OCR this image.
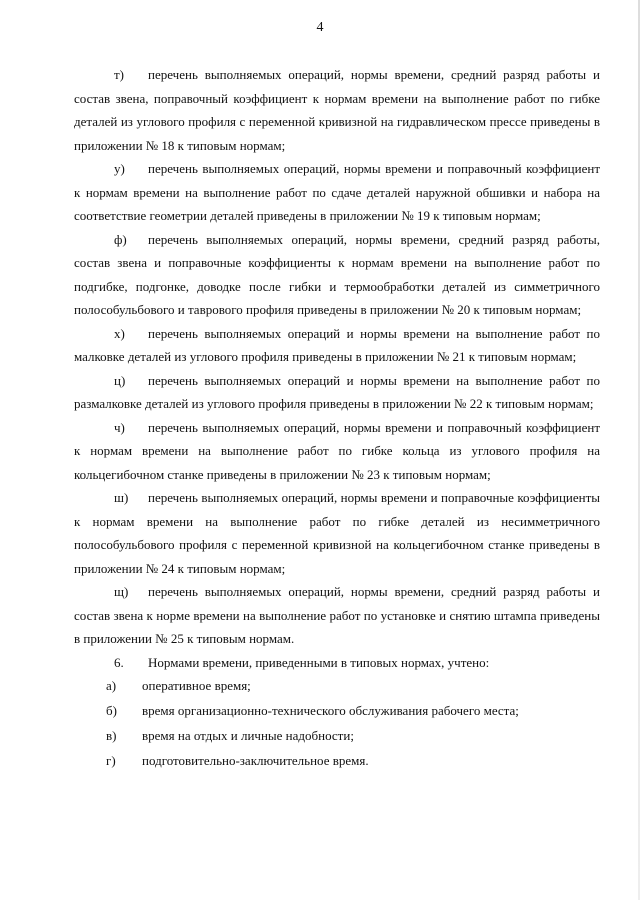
4

т) перечень выполняемых операций, нормы времени, средний разряд работы и состав звена, поправочный коэффициент к нормам времени на выполнение работ по гибке деталей из углового профиля с переменной кривизной на гидравлическом прессе приведены в приложении № 18 к типовым нормам;

у) перечень выполняемых операций, нормы времени и поправочный коэффициент к нормам времени на выполнение работ по сдаче деталей наружной обшивки и набора на соответствие геометрии деталей приведены в приложении № 19 к типовым нормам;

ф) перечень выполняемых операций, нормы времени, средний разряд работы, состав звена и поправочные коэффициенты к нормам времени на выполнение работ по подгибке, подгонке, доводке после гибки и термообработки деталей из симметричного полособульбового и таврового профиля приведены в приложении № 20 к типовым нормам;

х) перечень выполняемых операций и нормы времени на выполнение работ по малковке деталей из углового профиля приведены в приложении № 21 к типовым нормам;

ц) перечень выполняемых операций и нормы времени на выполнение работ по размалковке деталей из углового профиля приведены в приложении № 22 к типовым нормам;

ч) перечень выполняемых операций, нормы времени и поправочный коэффициент к нормам времени на выполнение работ по гибке кольца из углового профиля на кольцегибочном станке приведены в приложении № 23 к типовым нормам;

ш) перечень выполняемых операций, нормы времени и поправочные коэффициенты к нормам времени на выполнение работ по гибке деталей из несимметричного полособульбового профиля с переменной кривизной на кольцегибочном станке приведены в приложении № 24 к типовым нормам;

щ) перечень выполняемых операций, нормы времени, средний разряд работы и состав звена к норме времени на выполнение работ по установке и снятию штампа приведены в приложении № 25 к типовым нормам.

6. Нормами времени, приведенными в типовых нормах, учтено:

а) оперативное время;
б) время организационно-технического обслуживания рабочего места;
в) время на отдых и личные надобности;
г) подготовительно-заключительное время.
